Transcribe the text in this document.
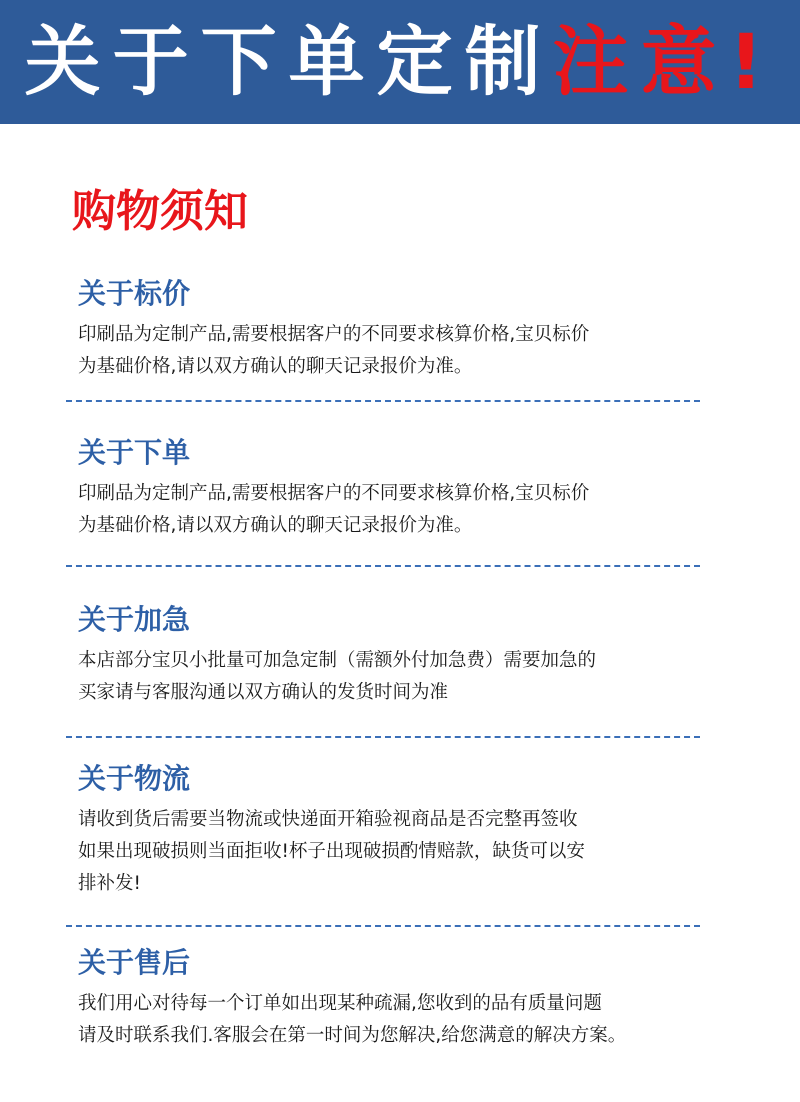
关于下单定制注意!
购物须知
关于标价
印刷品为定制产品,需要根据客户的不同要求核算价格,宝贝标价
为基础价格,请以双方确认的聊天记录报价为准。
关于下单
印刷品为定制产品,需要根据客户的不同要求核算价格,宝贝标价
为基础价格,请以双方确认的聊天记录报价为准。
关于加急
本店部分宝贝小批量可加急定制（需额外付加急费）需要加急的
买家请与客服沟通以双方确认的发货时间为准
关于物流
请收到货后需要当物流或快递面开箱验视商品是否完整再签收
如果出现破损则当面拒收!杯子出现破损酌情赔款，缺货可以安
排补发!
关于售后
我们用心对待每一个订单如出现某种疏漏,您收到的品有质量问题
请及时联系我们.客服会在第一时间为您解决,给您满意的解决方案。
